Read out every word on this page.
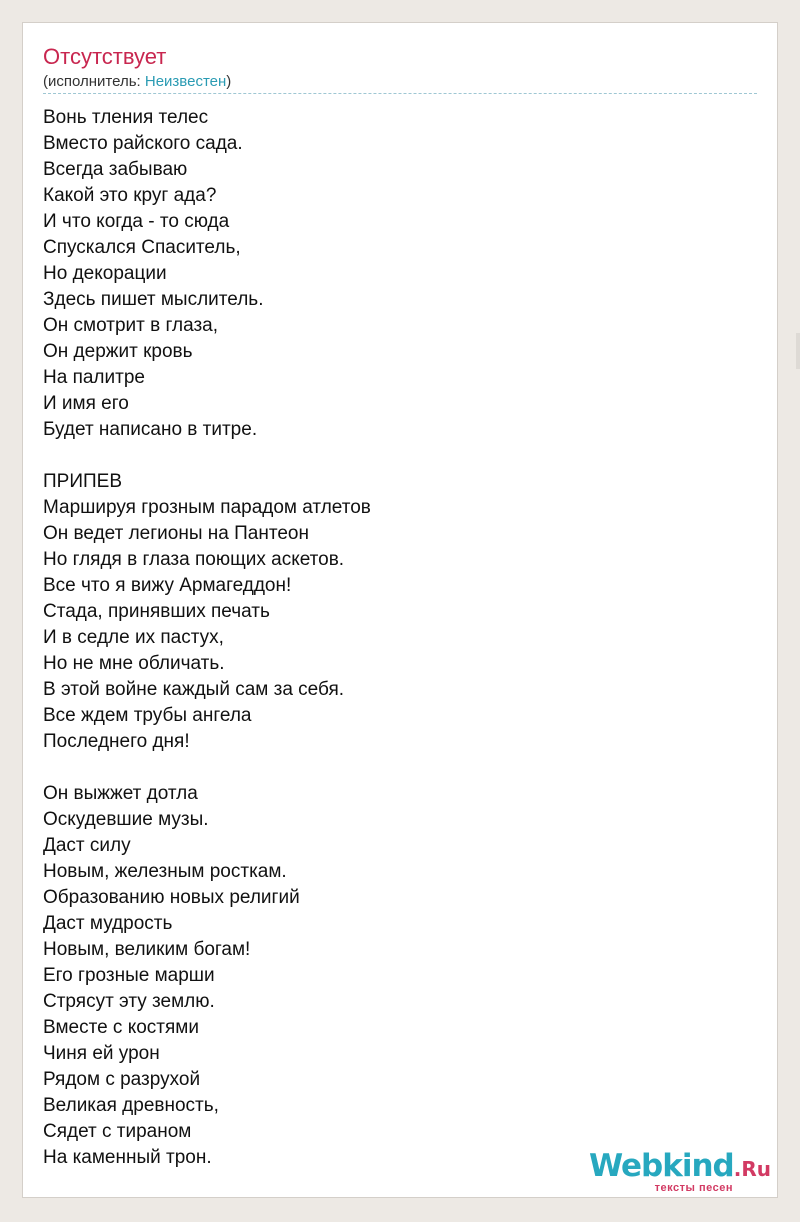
Отсутствует
(исполнитель: Неизвестен)
Вонь тления телес
Вместо райского сада.
Всегда забываю
Какой это круг ада?
И что когда - то сюда
Спускался Спаситель,
Но декорации
Здесь пишет мыслитель.
Он смотрит в глаза,
Он держит кровь
На палитре
И имя его
Будет написано в титре.
ПРИПЕВ
Маршируя грозным парадом атлетов
Он ведет легионы на Пантеон
Но глядя в глаза поющих аскетов.
Все что я вижу Армагеддон!
Стада, принявших печать
И в седле их пастух,
Но не мне обличать.
В этой войне каждый сам за себя.
Все ждем трубы ангела
Последнего дня!
Он выжжет дотла
Оскудевшие музы.
Даст силу
Новым, железным росткам.
Образованию новых религий
Даст мудрость
Новым, великим богам!
Его грозные марши
Стрясут эту землю.
Вместе с костями
Чиня ей урон
Рядом с разрухой
Великая древность,
Сядет с тираном
На каменный трон.	Webkind.Ru
тексты песен
